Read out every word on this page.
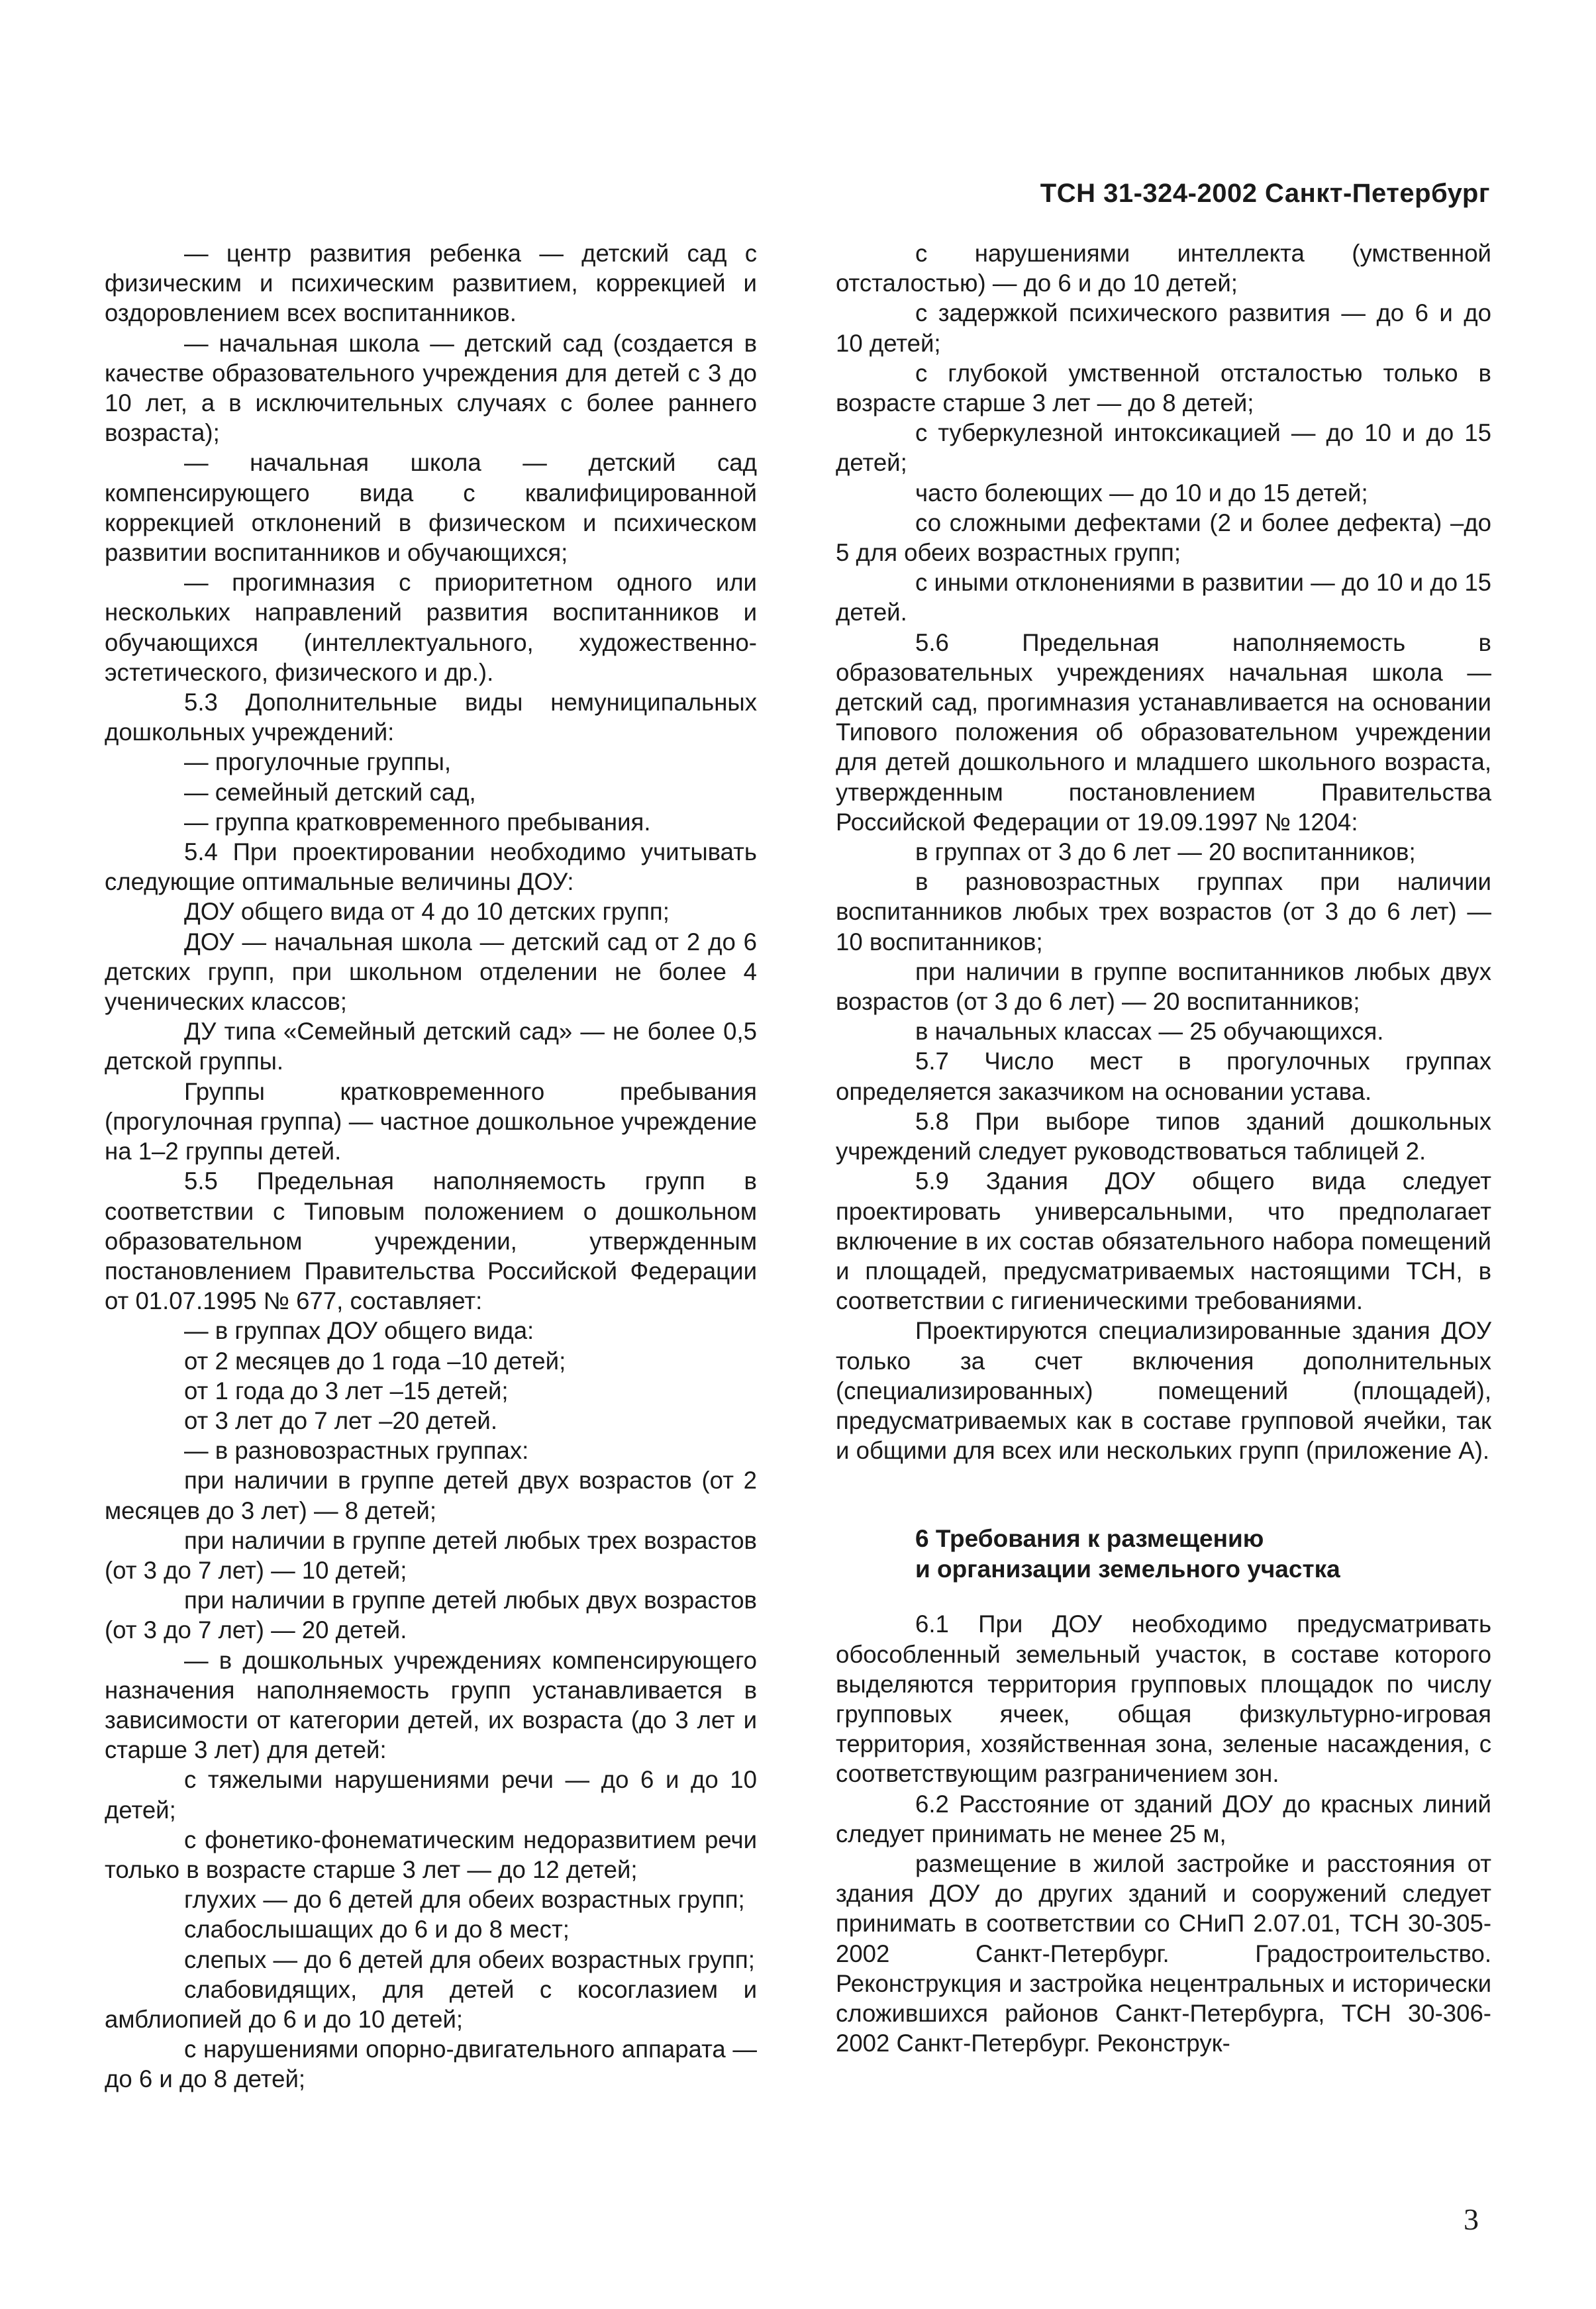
ТСН 31-324-2002 Санкт-Петербург
— центр развития ребенка — детский сад с физическим и психическим развитием, коррекцией и оздоровлением всех воспитанников.
— начальная школа — детский сад (создается в качестве образовательного учреждения для детей с 3 до 10 лет, а в исключительных случаях с более раннего возраста);
— начальная школа — детский сад компенсирующего вида с квалифицированной коррекцией отклонений в физическом и психическом развитии воспитанников и обучающихся;
— прогимназия с приоритетном одного или нескольких направлений развития воспитанников и обучающихся (интеллектуального, художественно-эстетического, физического и др.).
5.3 Дополнительные виды немуниципальных дошкольных учреждений:
— прогулочные группы,
— семейный детский сад,
— группа кратковременного пребывания.
5.4 При проектировании необходимо учитывать следующие оптимальные величины ДОУ:
ДОУ общего вида от 4 до 10 детских групп;
ДОУ — начальная школа — детский сад от 2 до 6 детских групп, при школьном отделении не более 4 ученических классов;
ДУ типа «Семейный детский сад» — не более 0,5 детской группы.
Группы кратковременного пребывания (прогулочная группа) — частное дошкольное учреждение на 1–2 группы детей.
5.5 Предельная наполняемость групп в соответствии с Типовым положением о дошкольном образовательном учреждении, утвержденным постановлением Правительства Российской Федерации от 01.07.1995 № 677, составляет:
— в группах ДОУ общего вида:
от 2 месяцев до 1 года –10 детей;
от 1 года до 3 лет –15 детей;
от 3 лет до 7 лет –20 детей.
— в разновозрастных группах:
при наличии в группе детей двух возрастов (от 2 месяцев до 3 лет) — 8 детей;
при наличии в группе детей любых трех возрастов (от 3 до 7 лет) — 10 детей;
при наличии в группе детей любых двух возрастов (от 3 до 7 лет) — 20 детей.
— в дошкольных учреждениях компенсирующего назначения наполняемость групп устанавливается в зависимости от категории детей, их возраста (до 3 лет и старше 3 лет) для детей:
с тяжелыми нарушениями речи — до 6 и до 10 детей;
с фонетико-фонематическим недоразвитием речи только в возрасте старше 3 лет — до 12 детей;
глухих — до 6 детей для обеих возрастных групп;
слабослышащих до 6 и до 8 мест;
слепых — до 6 детей для обеих возрастных групп;
слабовидящих, для детей с косоглазием и амблиопией до 6 и до 10 детей;
с нарушениями опорно-двигательного аппарата — до 6 и до 8 детей;
с нарушениями интеллекта (умственной отсталостью) — до 6 и до 10 детей;
с задержкой психического развития — до 6 и до 10 детей;
с глубокой умственной отсталостью только в возрасте старше 3 лет — до 8 детей;
с туберкулезной интоксикацией — до 10 и до 15 детей;
часто болеющих — до 10 и до 15 детей;
со сложными дефектами (2 и более дефекта) –до 5 для обеих возрастных групп;
с иными отклонениями в развитии — до 10 и до 15 детей.
5.6 Предельная наполняемость в образовательных учреждениях начальная школа — детский сад, прогимназия устанавливается на основании Типового положения об образовательном учреждении для детей дошкольного и младшего школьного возраста, утвержденным постановлением Правительства Российской Федерации от 19.09.1997 № 1204:
в группах от 3 до 6 лет — 20 воспитанников;
в разновозрастных группах при наличии воспитанников любых трех возрастов (от 3 до 6 лет) — 10 воспитанников;
при наличии в группе воспитанников любых двух возрастов (от 3 до 6 лет) — 20 воспитанников;
в начальных классах — 25 обучающихся.
5.7 Число мест в прогулочных группах определяется заказчиком на основании устава.
5.8 При выборе типов зданий дошкольных учреждений следует руководствоваться таблицей 2.
5.9 Здания ДОУ общего вида следует проектировать универсальными, что предполагает включение в их состав обязательного набора помещений и площадей, предусматриваемых настоящими ТСН, в соответствии с гигиеническими требованиями.
Проектируются специализированные здания ДОУ только за счет включения дополнительных (специализированных) помещений (площадей), предусматриваемых как в составе групповой ячейки, так и общими для всех или нескольких групп (приложение А).
6 Требования к размещению
и организации земельного участка
6.1 При ДОУ необходимо предусматривать обособленный земельный участок, в составе которого выделяются территория групповых площадок по числу групповых ячеек, общая физкультурно-игровая территория, хозяйственная зона, зеленые насаждения, с соответствующим разграничением зон.
6.2 Расстояние от зданий ДОУ до красных линий следует принимать не менее 25 м,
размещение в жилой застройке и расстояния от здания ДОУ до других зданий и сооружений следует принимать в соответствии со СНиП 2.07.01, ТСН 30-305-2002 Санкт-Петербург. Градостроительство. Реконструкция и застройка нецентральных и исторически сложившихся районов Санкт-Петербурга, ТСН 30-306-2002 Санкт-Петербург. Реконструк-
3
